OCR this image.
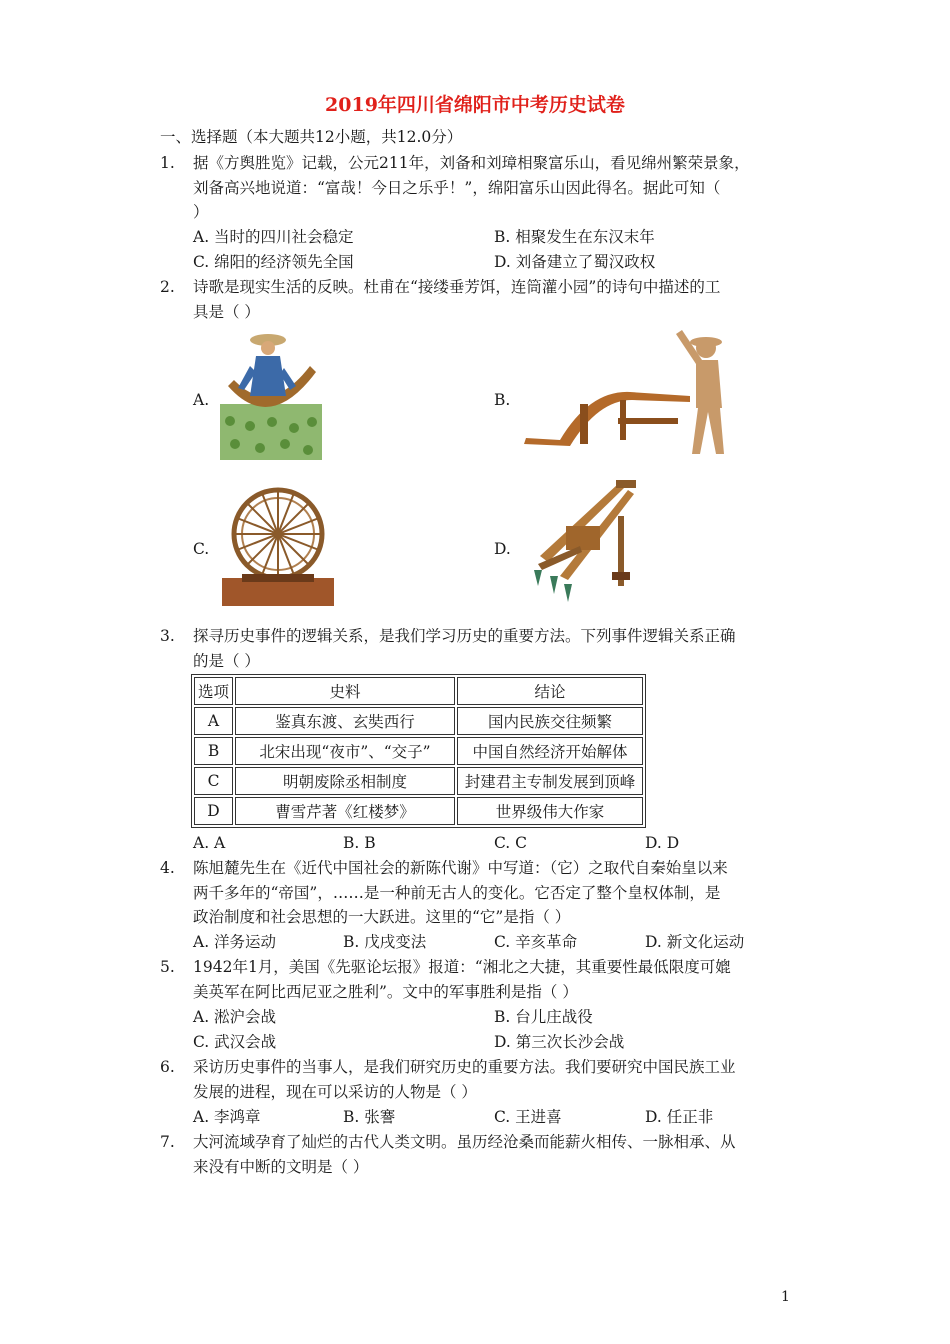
2019年四川省绵阳市中考历史试卷
一、选择题（本大题共12小题，共12.0分）
1. 据《方舆胜览》记载，公元211年，刘备和刘璋相聚富乐山，看见绵州繁荣景象，
刘备高兴地说道：“富哉！今日之乐乎！”，绵阳富乐山因此得名。据此可知（
）
A. 当时的四川社会稳定	B. 相聚发生在东汉末年
C. 绵阳的经济领先全国	D. 刘备建立了蜀汉政权
2. 诗歌是现实生活的反映。杜甫在“接缕垂芳饵，连筒灌小园”的诗句中描述的工
具是（ ）
A.	B.
C.	D.
3. 探寻历史事件的逻辑关系，是我们学习历史的重要方法。下列事件逻辑关系正确
的是（ ）
选项	史料	结论
A	鉴真东渡、玄奘西行	国内民族交往频繁
B	北宋出现“夜市”、“交子”	中国自然经济开始解体
C	明朝废除丞相制度	封建君主专制发展到顶峰
D	曹雪芹著《红楼梦》	世界级伟大作家
A. A	B. B	C. C	D. D
4. 陈旭麓先生在《近代中国社会的新陈代谢》中写道：（它）之取代自秦始皇以来
两千多年的“帝国”，……是一种前无古人的变化。它否定了整个皇权体制，是
政治制度和社会思想的一大跃进。这里的“它”是指（ ）
A. 洋务运动	B. 戊戌变法	C. 辛亥革命	D. 新文化运动
5. 1942年1月，美国《先驱论坛报》报道：“湘北之大捷，其重要性最低限度可媲
美英军在阿比西尼亚之胜利”。文中的军事胜利是指（ ）
A. 淞沪会战	B. 台儿庄战役
C. 武汉会战	D. 第三次长沙会战
6. 采访历史事件的当事人，是我们研究历史的重要方法。我们要研究中国民族工业
发展的进程，现在可以采访的人物是（ ）
A. 李鸿章	B. 张謇	C. 王进喜	D. 任正非
7. 大河流域孕育了灿烂的古代人类文明。虽历经沧桑而能薪火相传、一脉相承、从
来没有中断的文明是（ ）
1
